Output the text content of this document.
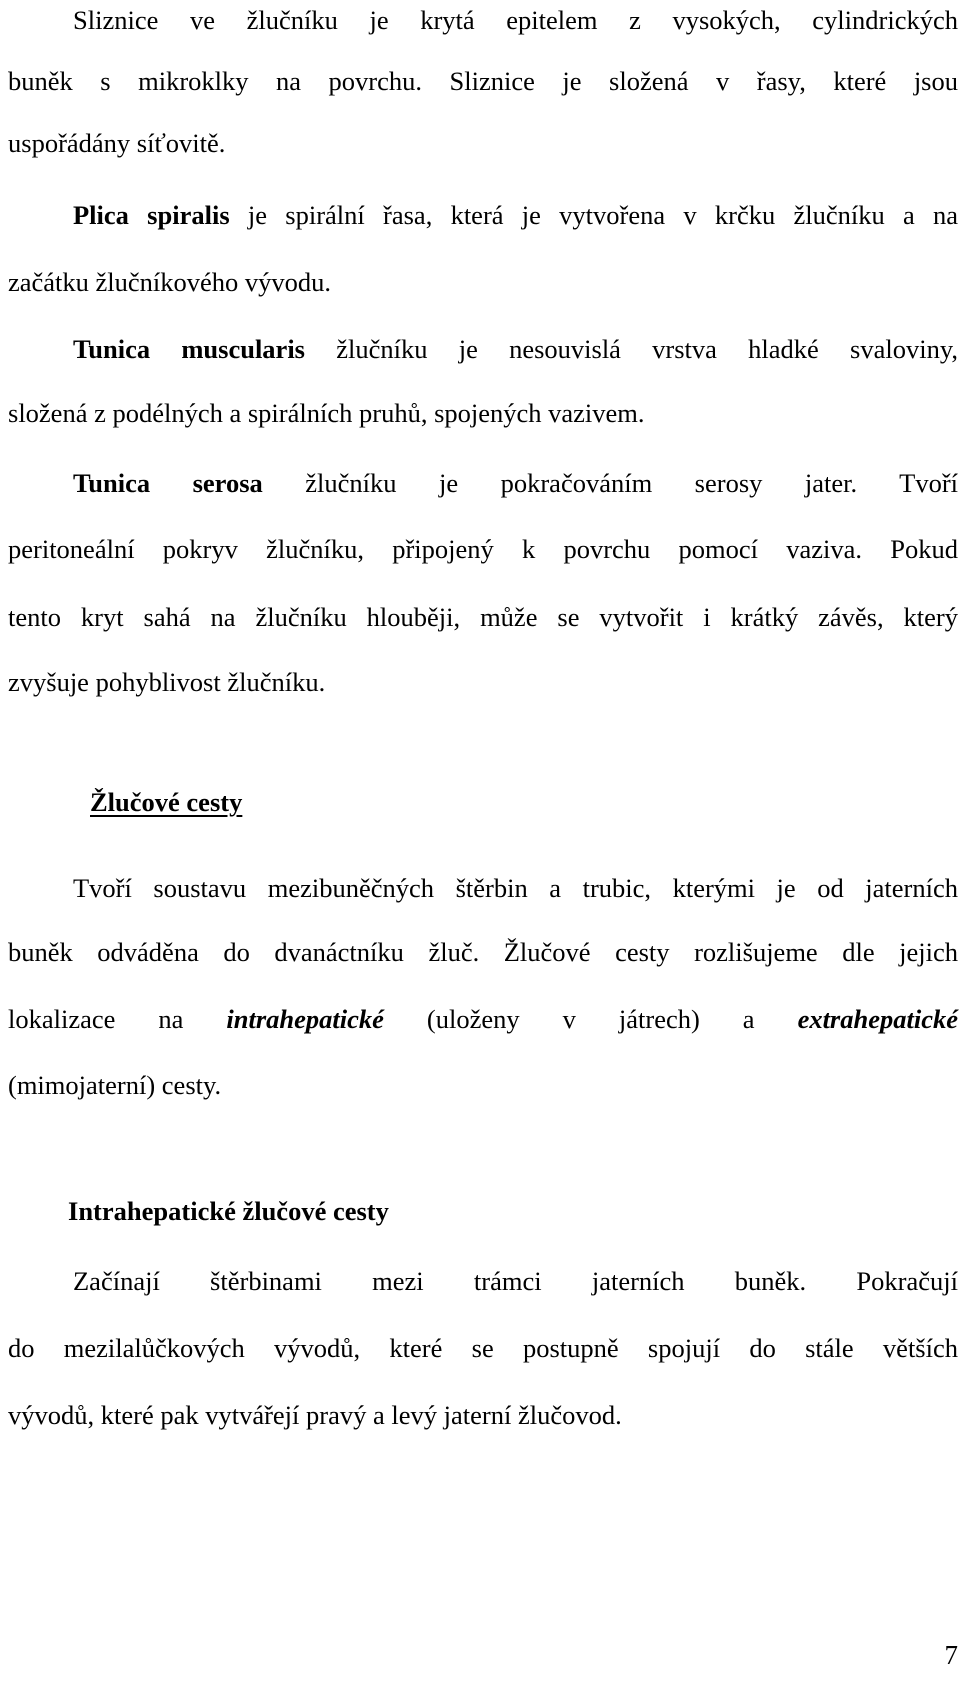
Sliznice ve žlučníku je krytá epitelem z vysokých, cylindrických
buněk s mikroklky na povrchu. Sliznice je složená v řasy, které jsou
uspořádány síťovitě.
Plica spiralis je spirální řasa, která je vytvořena v krčku žlučníku a na
začátku žlučníkového vývodu.
Tunica muscularis žlučníku je nesouvislá vrstva hladké svaloviny,
složená z podélných a spirálních pruhů, spojených vazivem.
Tunica serosa žlučníku je pokračováním serosy jater. Tvoří
peritoneální pokryv žlučníku, připojený k povrchu pomocí vaziva. Pokud
tento kryt sahá na žlučníku hlouběji, může se vytvořit i krátký závěs, který
zvyšuje pohyblivost žlučníku.
Žlučové cesty
Tvoří soustavu mezibuněčných štěrbin a trubic, kterými je od jaterních
buněk odváděna do dvanáctníku žluč. Žlučové cesty rozlišujeme dle jejich
lokalizace na intrahepatické (uloženy v játrech) a extrahepatické
(mimojaterní) cesty.
Intrahepatické žlučové cesty
Začínají štěrbinami mezi trámci jaterních buněk. Pokračují
do mezilalůčkových vývodů, které se postupně spojují do stále větších
vývodů, které pak vytvářejí pravý a levý jaterní žlučovod.
7
